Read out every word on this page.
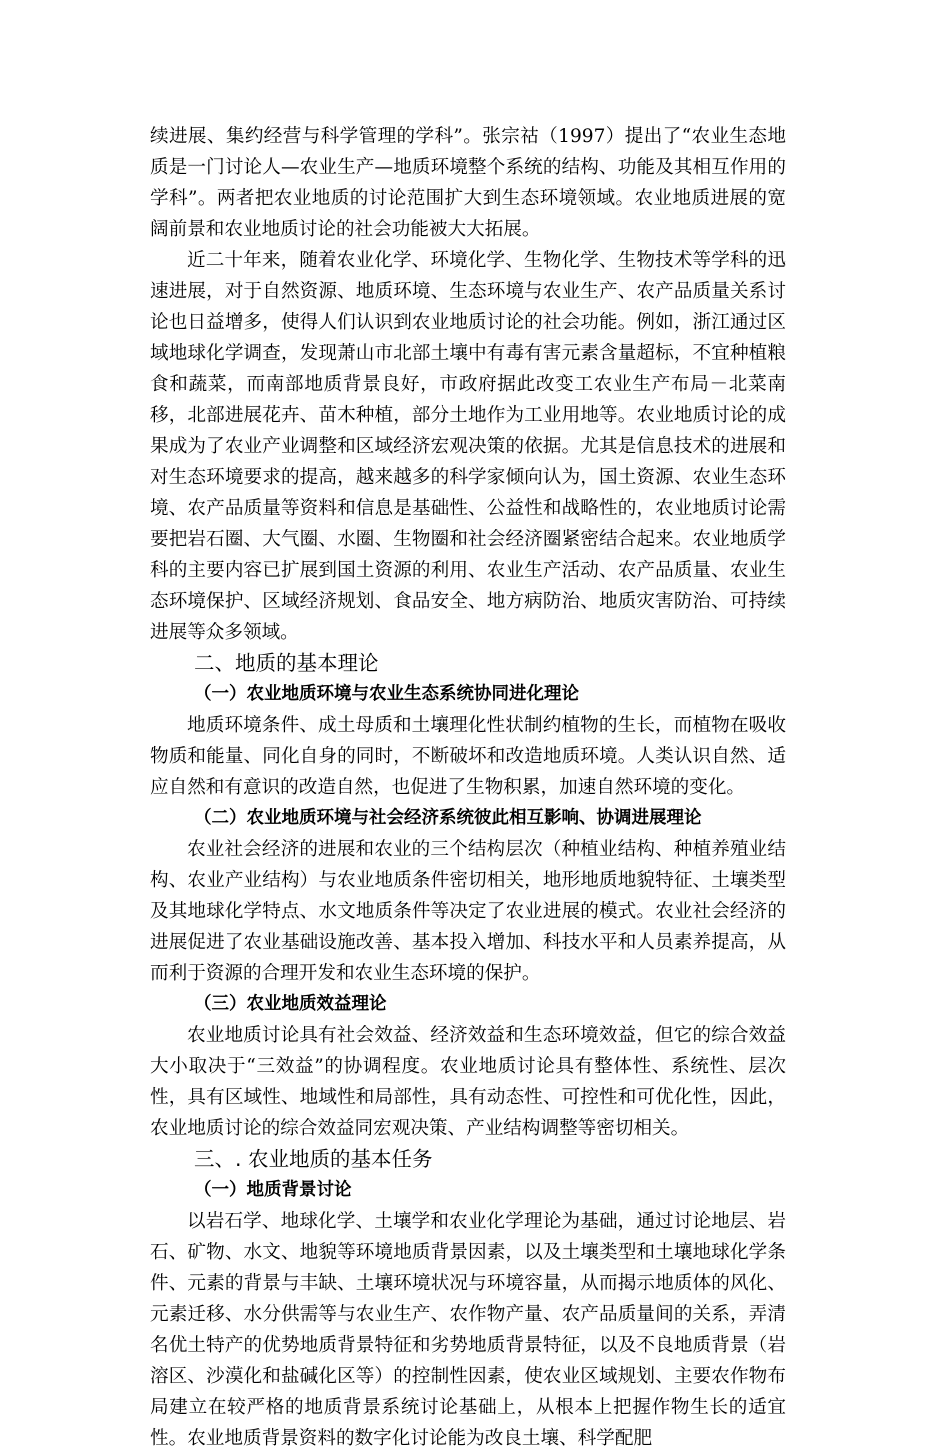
续进展、集约经营与科学管理的学科”。张宗祜（1997）提出了“农业生态地质是一门讨论人—农业生产—地质环境整个系统的结构、功能及其相互作用的学科”。两者把农业地质的讨论范围扩大到生态环境领域。农业地质进展的宽阔前景和农业地质讨论的社会功能被大大拓展。

近二十年来，随着农业化学、环境化学、生物化学、生物技术等学科的迅速进展，对于自然资源、地质环境、生态环境与农业生产、农产品质量关系讨论也日益增多，使得人们认识到农业地质讨论的社会功能。例如，浙江通过区域地球化学调查，发现萧山市北部土壤中有毒有害元素含量超标，不宜种植粮食和蔬菜，而南部地质背景良好，市政府据此改变工农业生产布局－北菜南移，北部进展花卉、苗木种植，部分土地作为工业用地等。农业地质讨论的成果成为了农业产业调整和区域经济宏观决策的依据。尤其是信息技术的进展和对生态环境要求的提高，越来越多的科学家倾向认为，国土资源、农业生态环境、农产品质量等资料和信息是基础性、公益性和战略性的，农业地质讨论需要把岩石圈、大气圈、水圈、生物圈和社会经济圈紧密结合起来。农业地质学科的主要内容已扩展到国土资源的利用、农业生产活动、农产品质量、农业生态环境保护、区域经济规划、食品安全、地方病防治、地质灾害防治、可持续进展等众多领域。

二、地质的基本理论
（一）农业地质环境与农业生态系统协同进化理论

地质环境条件、成土母质和土壤理化性状制约植物的生长，而植物在吸收物质和能量、同化自身的同时，不断破坏和改造地质环境。人类认识自然、适应自然和有意识的改造自然，也促进了生物积累，加速自然环境的变化。

（二）农业地质环境与社会经济系统彼此相互影响、协调进展理论

农业社会经济的进展和农业的三个结构层次（种植业结构、种植养殖业结构、农业产业结构）与农业地质条件密切相关，地形地质地貌特征、土壤类型及其地球化学特点、水文地质条件等决定了农业进展的模式。农业社会经济的进展促进了农业基础设施改善、基本投入增加、科技水平和人员素养提高，从而利于资源的合理开发和农业生态环境的保护。

（三）农业地质效益理论

农业地质讨论具有社会效益、经济效益和生态环境效益，但它的综合效益大小取决于“三效益”的协调程度。农业地质讨论具有整体性、系统性、层次性，具有区域性、地域性和局部性，具有动态性、可控性和可优化性，因此，农业地质讨论的综合效益同宏观决策、产业结构调整等密切相关。

三、. 农业地质的基本任务
（一）地质背景讨论

以岩石学、地球化学、土壤学和农业化学理论为基础，通过讨论地层、岩石、矿物、水文、地貌等环境地质背景因素，以及土壤类型和土壤地球化学条件、元素的背景与丰缺、土壤环境状况与环境容量，从而揭示地质体的风化、元素迁移、水分供需等与农业生产、农作物产量、农产品质量间的关系，弄清名优土特产的优势地质背景特征和劣势地质背景特征，以及不良地质背景（岩溶区、沙漠化和盐碱化区等）的控制性因素，使农业区域规划、主要农作物布局建立在较严格的地质背景系统讨论基础上，从根本上把握作物生长的适宜性。农业地质背景资料的数字化讨论能为改良土壤、科学配肥
